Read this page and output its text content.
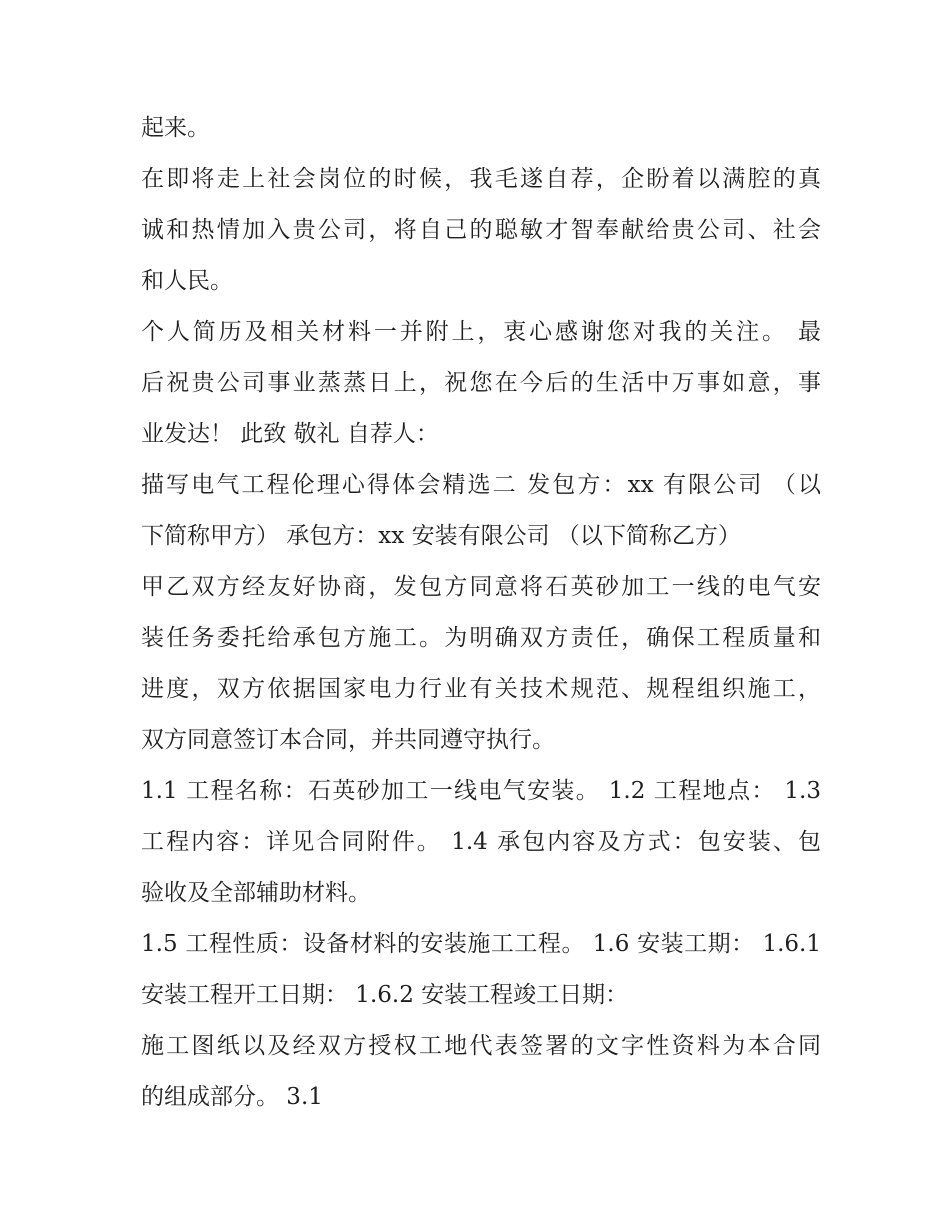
起来。
在即将走上社会岗位的时候，我毛遂自荐，企盼着以满腔的真
诚和热情加入贵公司，将自己的聪敏才智奉献给贵公司、社会
和人民。
个人简历及相关材料一并附上，衷心感谢您对我的关注。 最
后祝贵公司事业蒸蒸日上，祝您在今后的生活中万事如意，事
业发达！ 此致 敬礼 自荐人：
描写电气工程伦理心得体会精选二 发包方：xx 有限公司 （以
下简称甲方） 承包方：xx 安装有限公司 （以下简称乙方）
甲乙双方经友好协商，发包方同意将石英砂加工一线的电气安
装任务委托给承包方施工。为明确双方责任，确保工程质量和
进度，双方依据国家电力行业有关技术规范、规程组织施工，
双方同意签订本合同，并共同遵守执行。
1.1 工程名称：石英砂加工一线电气安装。 1.2 工程地点： 1.3
工程内容：详见合同附件。 1.4 承包内容及方式：包安装、包
验收及全部辅助材料。
1.5 工程性质：设备材料的安装施工工程。 1.6 安装工期： 1.6.1
安装工程开工日期： 1.6.2 安装工程竣工日期：
施工图纸以及经双方授权工地代表签署的文字性资料为本合同
的组成部分。 3.1
